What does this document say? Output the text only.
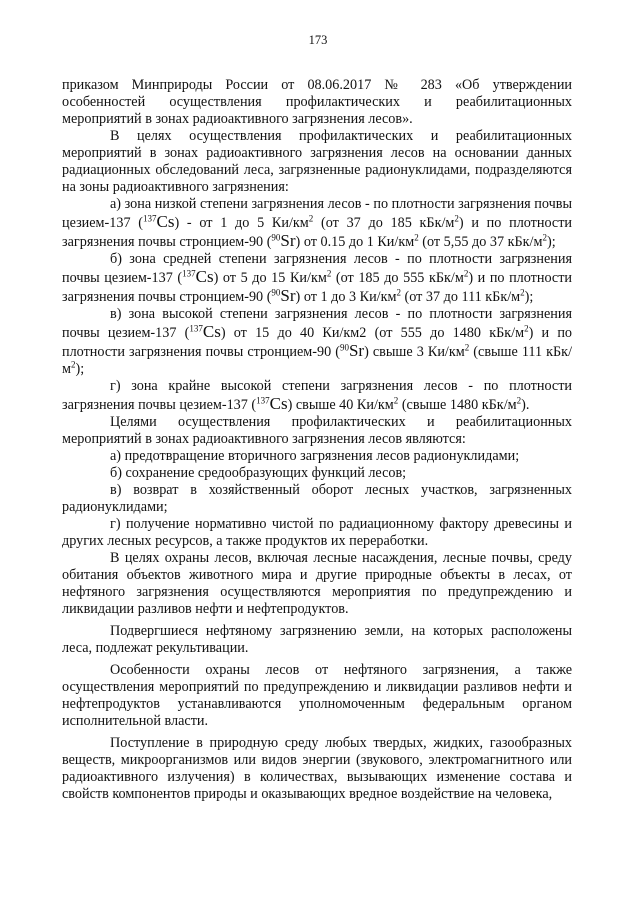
173

приказом Минприроды России от 08.06.2017 № 283 «Об утверждении особенностей осуществления профилактических и реабилитационных мероприятий в зонах радиоактивного загрязнения лесов».

В целях осуществления профилактических и реабилитационных мероприятий в зонах радиоактивного загрязнения лесов на основании данных радиационных обследований леса, загрязненные радионуклидами, подразделяются на зоны радиоактивного загрязнения:

а) зона низкой степени загрязнения лесов - по плотности загрязнения почвы цезием-137 ($^{137}$Cs) - от 1 до 5 $Ки/км^2$ (от 37 до 185 кБк/$м^2$) и по плотности загрязнения почвы стронцием-90 ($^{90}$Sr) от 0.15 до 1 $Ки/км^2$ (от 5,55 до 37 кБк/$м^2$);

б) зона средней степени загрязнения лесов - по плотности загрязнения почвы цезием-137 ($^{137}$Cs) от 5 до 15 $Ки/км^2$ (от 185 до 555 кБк/$м^2$) и по плотности загрязнения почвы стронцием-90 ($^{90}$Sr) от 1 до 3 $Ки/км^2$ (от 37 до 111 кБк/$м^2$);

в) зона высокой степени загрязнения лесов - по плотности загрязнения почвы цезием-137 ($^{137}$Cs) от 15 до 40 Ки/км2 (от 555 до 1480 кБк/$м^2$) и по плотности загрязнения почвы стронцием-90 ($^{90}$Sr) свыше 3 $Ки/км^2$ (свыше 111 кБк/$м^2$);

г) зона крайне высокой степени загрязнения лесов - по плотности загрязнения почвы цезием-137 ($^{137}$Cs) свыше 40 $Ки/км^2$ (свыше 1480 кБк/$м^2$).

Целями осуществления профилактических и реабилитационных мероприятий в зонах радиоактивного загрязнения лесов являются:

а) предотвращение вторичного загрязнения лесов радионуклидами;

б) сохранение средообразующих функций лесов;

в) возврат в хозяйственный оборот лесных участков, загрязненных радионуклидами;

г) получение нормативно чистой по радиационному фактору древесины и других лесных ресурсов, а также продуктов их переработки.

В целях охраны лесов, включая лесные насаждения, лесные почвы, среду обитания объектов животного мира и другие природные объекты в лесах, от нефтяного загрязнения осуществляются мероприятия по предупреждению и ликвидации разливов нефти и нефтепродуктов.

Подвергшиеся нефтяному загрязнению земли, на которых расположены леса, подлежат рекультивации.

Особенности охраны лесов от нефтяного загрязнения, а также осуществления мероприятий по предупреждению и ликвидации разливов нефти и нефтепродуктов устанавливаются уполномоченным федеральным органом исполнительной власти.

Поступление в природную среду любых твердых, жидких, газообразных веществ, микроорганизмов или видов энергии (звукового, электромагнитного или радиоактивного излучения) в количествах, вызывающих изменение состава и свойств компонентов природы и оказывающих вредное воздействие на человека,
